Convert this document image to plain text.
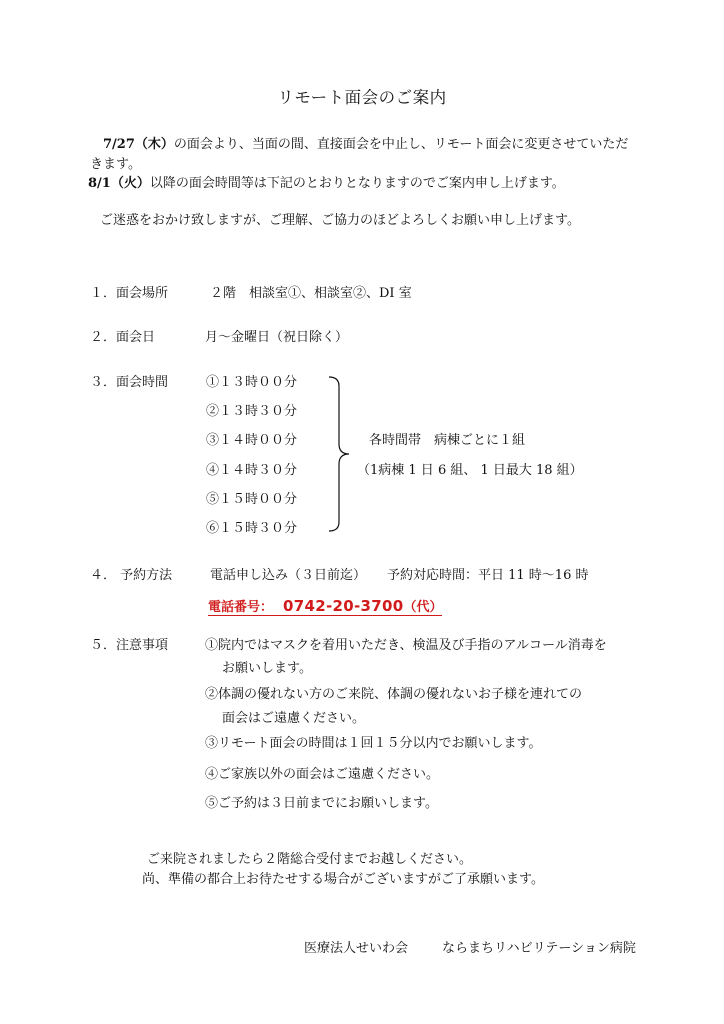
リモート面会のご案内
7/27（木）の面会より、当面の間、直接面会を中止し、リモート面会に変更させていただ
きます。
8/1（火）以降の面会時間等は下記のとおりとなりますのでご案内申し上げます。
ご迷惑をおかけ致しますが、ご理解、ご協力のほどよろしくお願い申し上げます。
１．面会場所	２階　相談室①、相談室②、DI 室
２．面会日	月～金曜日（祝日除く）
３．面会時間	①１３時００分
②１３時３０分
③１４時００分
④１４時３０分
⑤１５時００分
⑥１５時３０分
各時間帯　病棟ごとに１組
（1病棟 1 日 6 組、 1 日最大 18 組）
４． 予約方法	電話申し込み（３日前迄） 予約対応時間：平日 11 時～16 時
電話番号： 0742-20-3700（代）
５．注意事項	①院内ではマスクを着用いただき、検温及び手指のアルコール消毒を
お願いします。
②体調の優れない方のご来院、体調の優れないお子様を連れての
面会はご遠慮ください。
③リモート面会の時間は１回１５分以内でお願いします。
④ご家族以外の面会はご遠慮ください。
⑤ご予約は３日前までにお願いします。
ご来院されましたら２階総合受付までお越しください。
尚、準備の都合上お待たせする場合がございますがご了承願います。
医療法人せいわ会	ならまちリハビリテーション病院
